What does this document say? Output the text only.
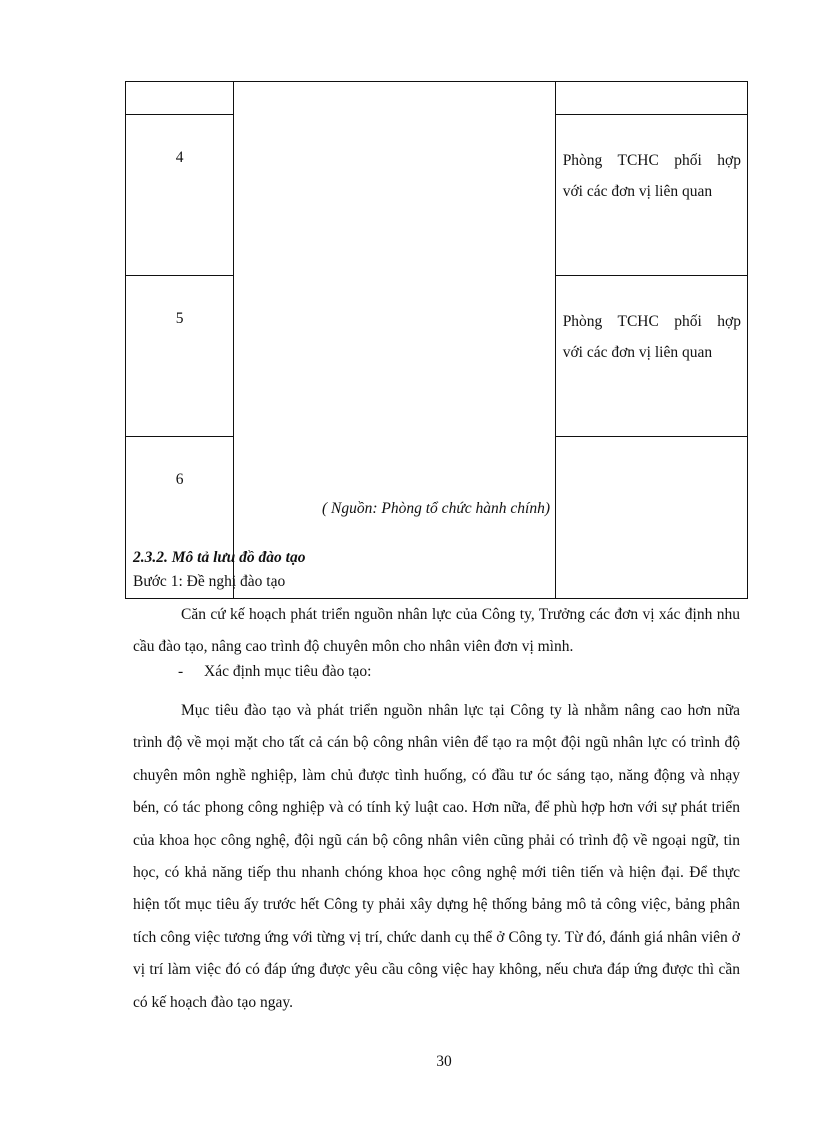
4		Phòng TCHC phối hợp
với các đơn vị liên quan

5		Phòng TCHC phối hợp
với các đơn vị liên quan

6		
( Nguồn: Phòng tổ chức hành chính)

2.3.2. Mô tả lưu đồ đào tạo

Bước 1: Đề nghị đào tạo

Căn cứ kế hoạch phát triển nguồn nhân lực của Công ty, Trưởng các đơn vị xác định nhu cầu đào tạo, nâng cao trình độ chuyên môn cho nhân viên đơn vị mình.

- Xác định mục tiêu đào tạo:

Mục tiêu đào tạo và phát triển nguồn nhân lực tại Công ty là nhằm nâng cao hơn nữa trình độ về mọi mặt cho tất cả cán bộ công nhân viên để tạo ra một đội ngũ nhân lực có trình độ chuyên môn nghề nghiệp, làm chủ được tình huống, có đầu tư óc sáng tạo, năng động và nhạy bén, có tác phong công nghiệp và có tính kỷ luật cao. Hơn nữa, để phù hợp hơn với sự phát triển của khoa học công nghệ, đội ngũ cán bộ công nhân viên cũng phải có trình độ về ngoại ngữ, tin học, có khả năng tiếp thu nhanh chóng khoa học công nghệ mới tiên tiến và hiện đại. Để thực hiện tốt mục tiêu ấy trước hết Công ty phải xây dựng hệ thống bảng mô tả công việc, bảng phân tích công việc tương ứng với từng vị trí, chức danh cụ thể ở Công ty. Từ đó, đánh giá nhân viên ở vị trí làm việc đó có đáp ứng được yêu cầu công việc hay không, nếu chưa đáp ứng được thì cần có kế hoạch đào tạo ngay.

30
